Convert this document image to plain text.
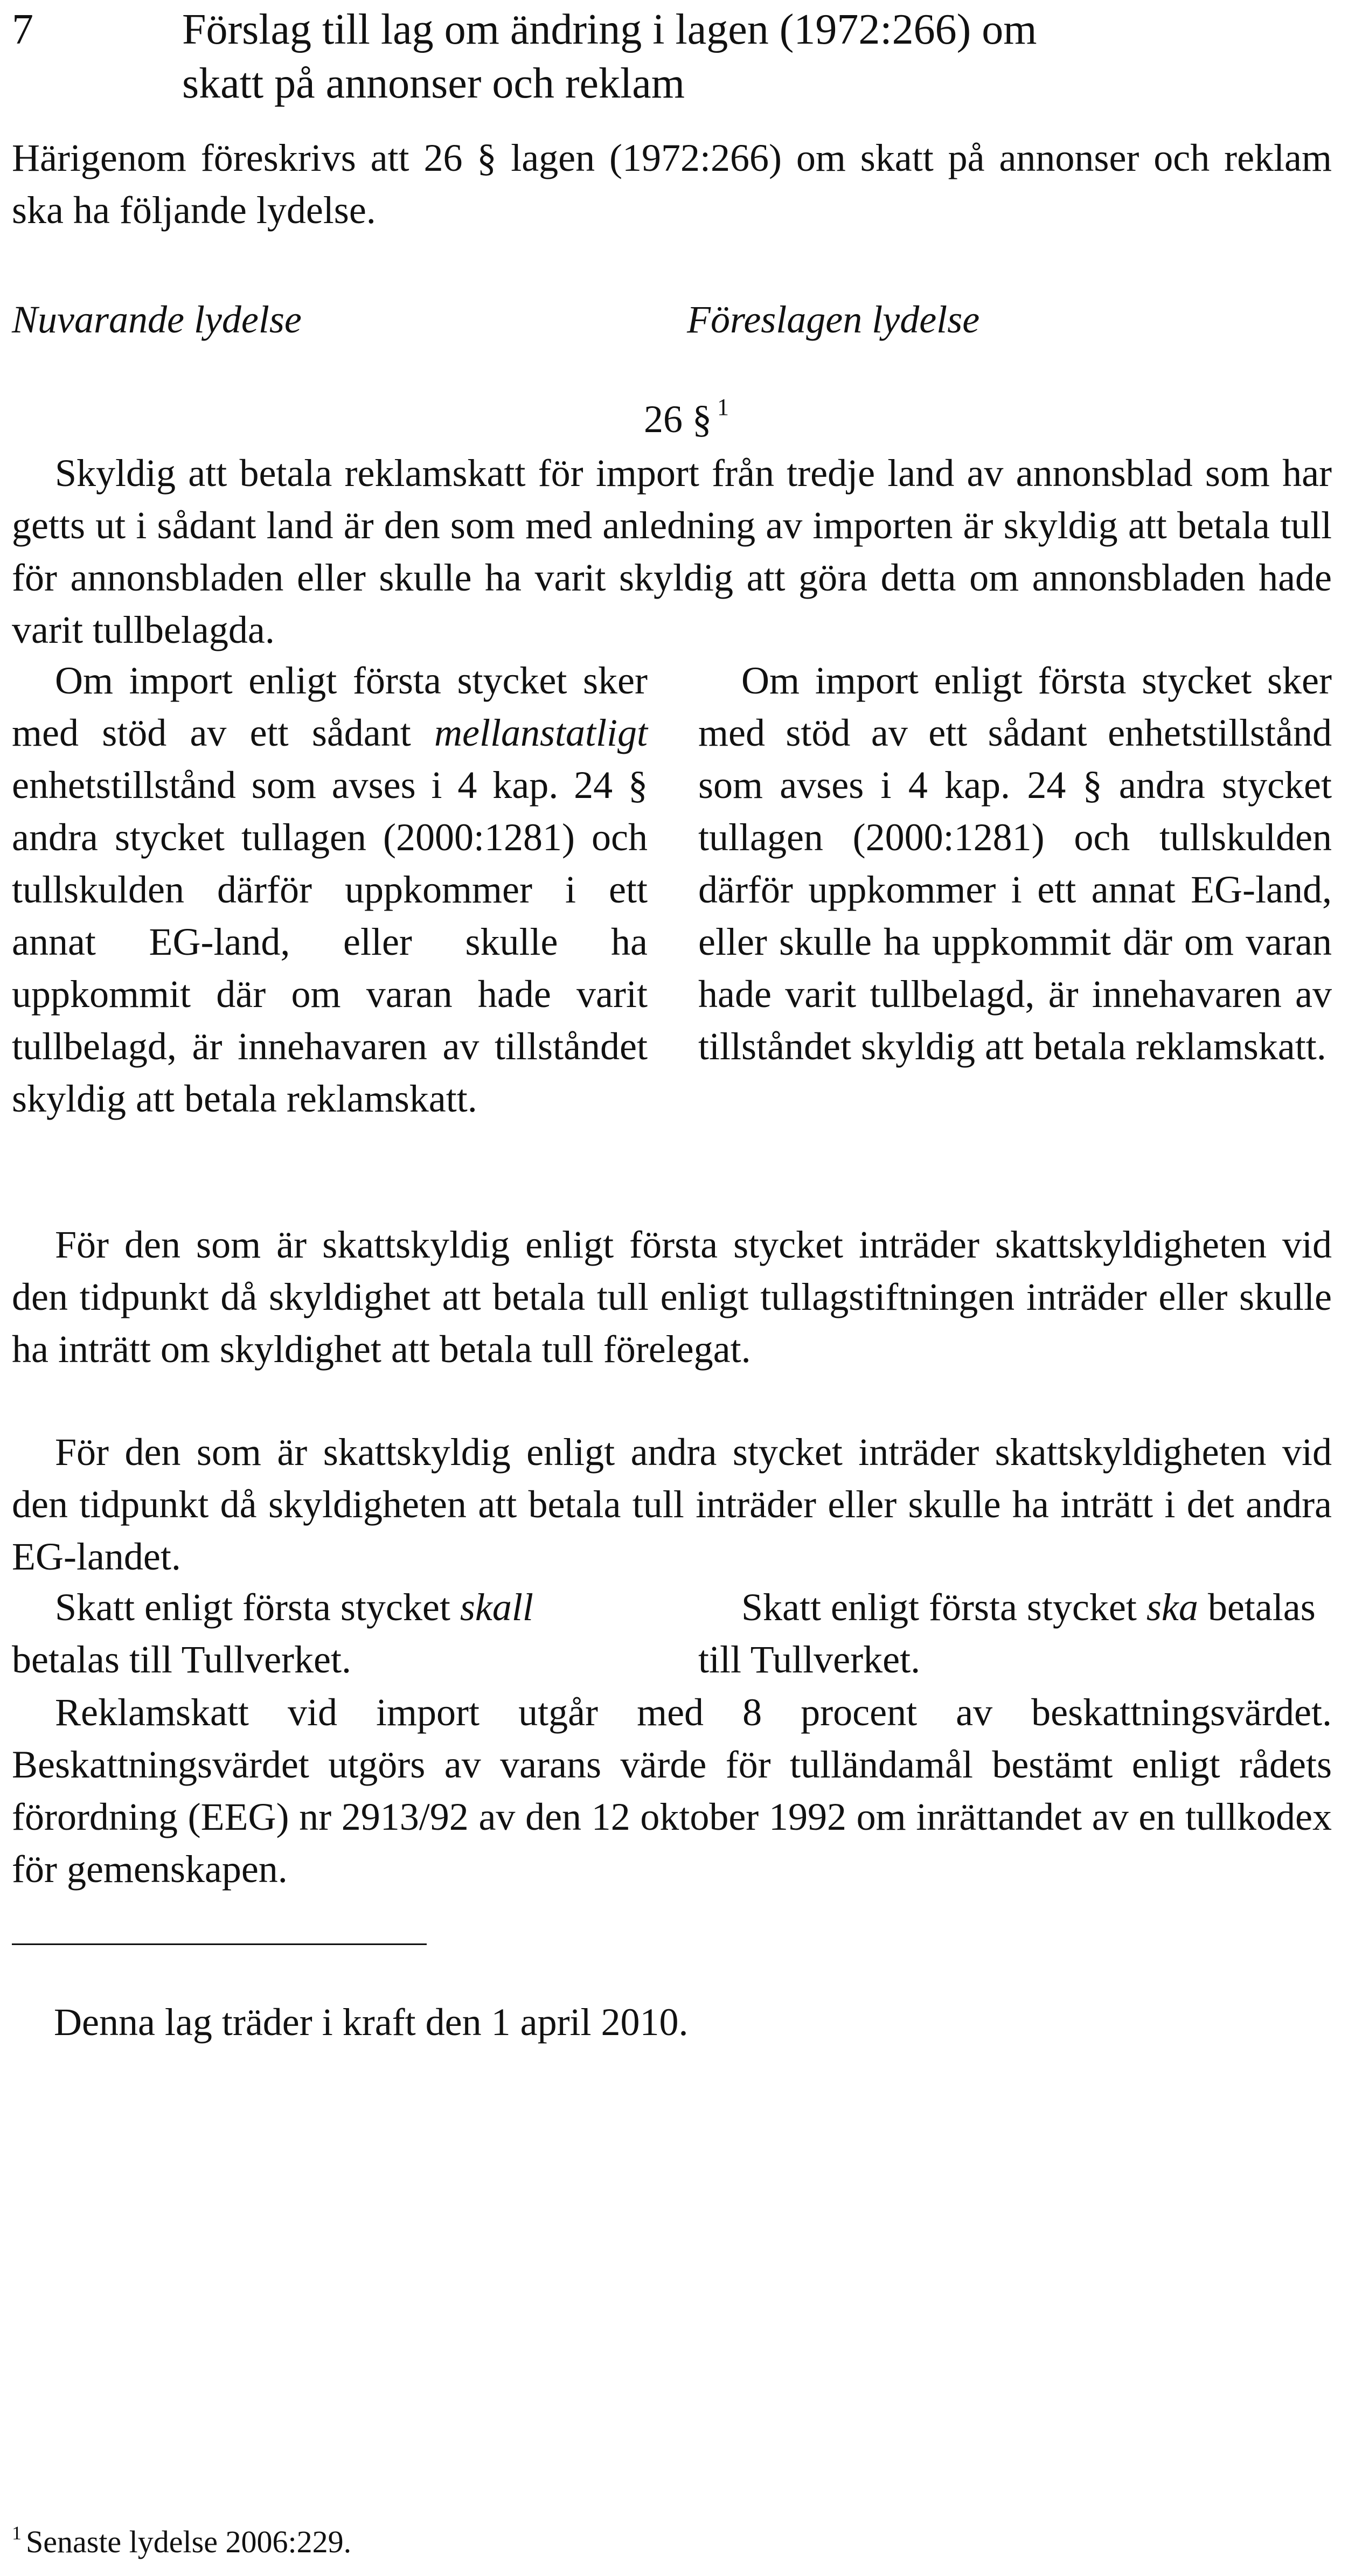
7	Förslag till lag om ändring i lagen (1972:266) om
skatt på annonser och reklam
Härigenom föreskrivs att 26 § lagen (1972:266) om skatt på annonser och reklam ska ha följande lydelse.
Nuvarande lydelse	Föreslagen lydelse
26 § $^1$
Skyldig att betala reklamskatt för import från tredje land av annonsblad som har getts ut i sådant land är den som med anledning av importen är skyldig att betala tull för annonsbladen eller skulle ha varit skyldig att göra detta om annonsbladen hade varit tullbelagda.
Om import enligt första stycket sker med stöd av ett sådant mellanstatligt enhetstillstånd som avses i 4 kap. 24 § andra stycket tullagen (2000:1281) och tullskulden därför uppkommer i ett annat EG-land, eller skulle ha uppkommit där om varan hade varit tullbelagd, är innehavaren av tillståndet skyldig att betala reklamskatt.
Om import enligt första stycket sker med stöd av ett sådant enhetstillstånd som avses i 4 kap. 24 § andra stycket tullagen (2000:1281) och tullskulden därför uppkommer i ett annat EG-land, eller skulle ha uppkommit där om varan hade varit tullbelagd, är innehavaren av tillståndet skyldig att betala reklamskatt.
För den som är skattskyldig enligt första stycket inträder skattskyldigheten vid den tidpunkt då skyldighet att betala tull enligt tullagstiftningen inträder eller skulle ha inträtt om skyldighet att betala tull förelegat.
För den som är skattskyldig enligt andra stycket inträder skattskyldigheten vid den tidpunkt då skyldigheten att betala tull inträder eller skulle ha inträtt i det andra EG-landet.
Skatt enligt första stycket skall betalas till Tullverket.
Skatt enligt första stycket ska betalas till Tullverket.
Reklamskatt vid import utgår med 8 procent av beskattningsvärdet. Beskattningsvärdet utgörs av varans värde för tulländamål bestämt enligt rådets förordning (EEG) nr 2913/92 av den 12 oktober 1992 om inrättandet av en tullkodex för gemenskapen.
Denna lag träder i kraft den 1 april 2010.
$^1$ Senaste lydelse 2006:229.
